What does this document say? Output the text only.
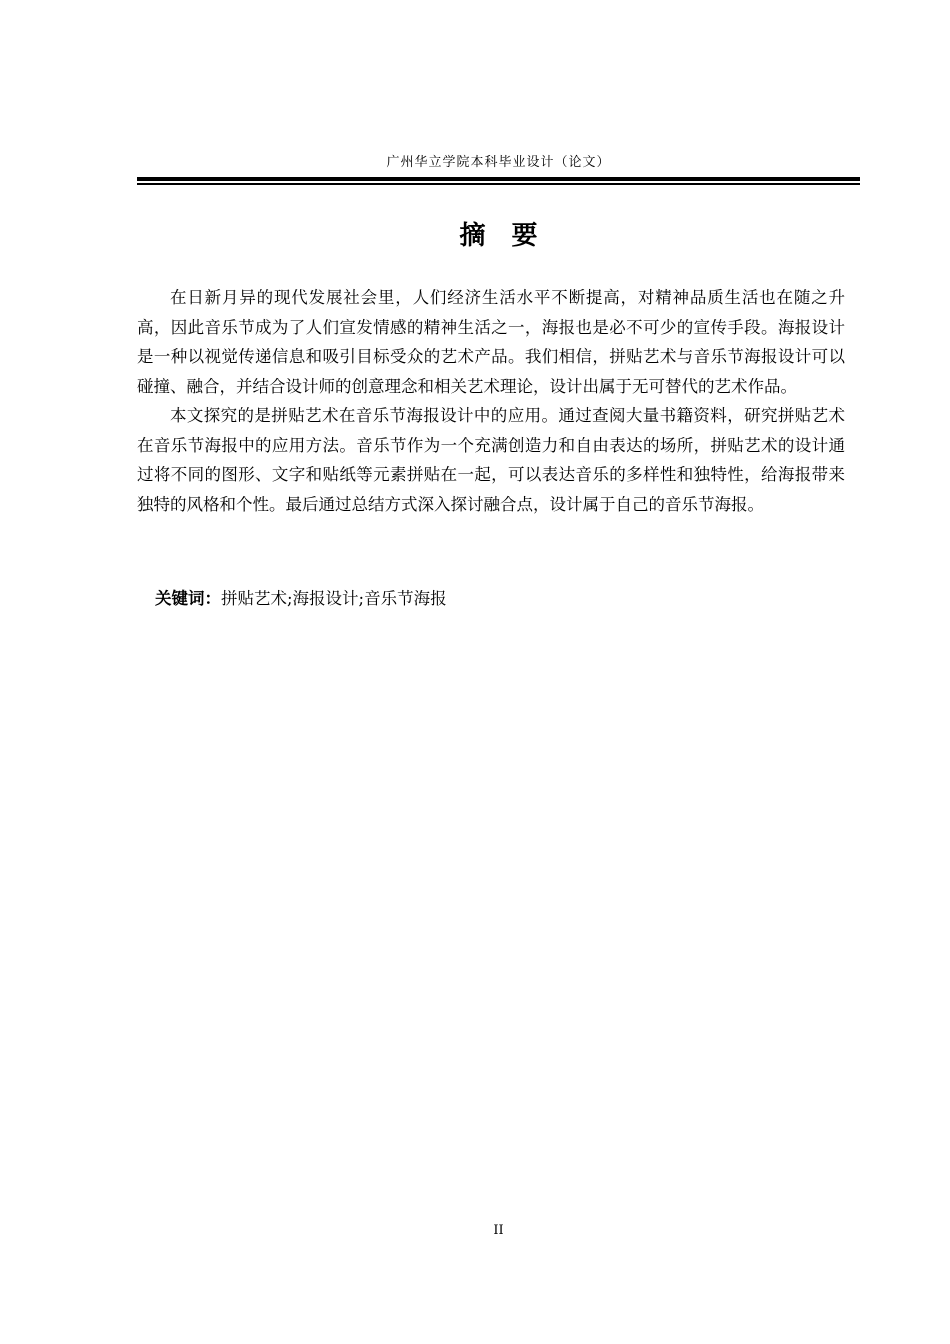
广州华立学院本科毕业设计（论文）
摘 要

在日新月异的现代发展社会里，人们经济生活水平不断提高，对精神品质生活也在随之升高，因此音乐节成为了人们宣发情感的精神生活之一，海报也是必不可少的宣传手段。海报设计是一种以视觉传递信息和吸引目标受众的艺术产品。我们相信，拼贴艺术与音乐节海报设计可以碰撞、融合，并结合设计师的创意理念和相关艺术理论，设计出属于无可替代的艺术作品。

本文探究的是拼贴艺术在音乐节海报设计中的应用。通过查阅大量书籍资料，研究拼贴艺术在音乐节海报中的应用方法。音乐节作为一个充满创造力和自由表达的场所，拼贴艺术的设计通过将不同的图形、文字和贴纸等元素拼贴在一起，可以表达音乐的多样性和独特性，给海报带来独特的风格和个性。最后通过总结方式深入探讨融合点，设计属于自己的音乐节海报。

关键词：拼贴艺术;海报设计;音乐节海报
II
